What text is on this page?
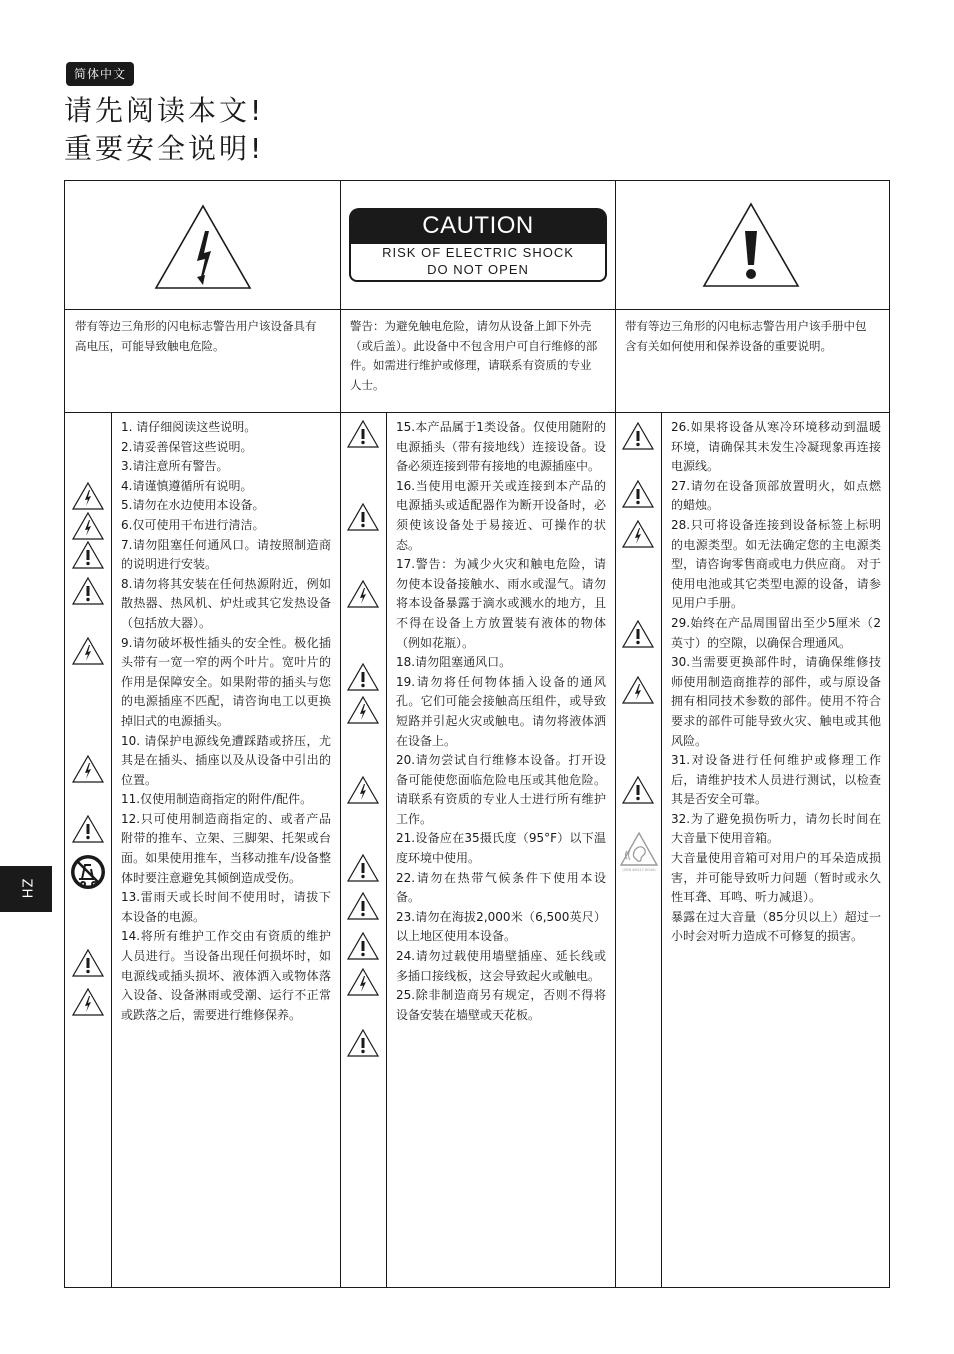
简体中文
请先阅读本文!
重要安全说明!
ZH
CAUTION
RISK OF ELECTRIC SHOCK
DO NOT OPEN
带有等边三角形的闪电标志警告用户该设备具有高电压，可能导致触电危险。
警告：为避免触电危险，请勿从设备上卸下外壳（或后盖）。此设备中不包含用户可自行维修的部件。如需进行维护或修理，请联系有资质的专业人士。
带有等边三角形的闪电标志警告用户该手册中包含有关如何使用和保养设备的重要说明。

1. 请仔细阅读这些说明。

2.请妥善保管这些说明。

3.请注意所有警告。

4.请谨慎遵循所有说明。

5.请勿在水边使用本设备。

6.仅可使用干布进行清洁。

7.请勿阻塞任何通风口。请按照制造商的说明进行安装。

8.请勿将其安装在任何热源附近，例如散热器、热风机、炉灶或其它发热设备（包括放大器）。

9.请勿破坏极性插头的安全性。极化插头带有一宽一窄的两个叶片。宽叶片的作用是保障安全。如果附带的插头与您的电源插座不匹配，请咨询电工以更换掉旧式的电源插头。

10. 请保护电源线免遭踩踏或挤压，尤其是在插头、插座以及从设备中引出的位置。

11.仅使用制造商指定的附件/配件。

12.只可使用制造商指定的、或者产品附带的推车、立架、三脚架、托架或台面。如果使用推车，当移动推车/设备整体时要注意避免其倾倒造成受伤。

13.雷雨天或长时间不使用时，请拔下本设备的电源。

14.将所有维护工作交由有资质的维护人员进行。当设备出现任何损坏时，如电源线或插头损坏、液体洒入或物体落入设备、设备淋雨或受潮、运行不正常或跌落之后，需要进行维修保养。

15.本产品属于1类设备。仅使用随附的电源插头（带有接地线）连接设备。设备必须连接到带有接地的电源插座中。

16.当使用电源开关或连接到本产品的电源插头或适配器作为断开设备时，必须使该设备处于易接近、可操作的状态。

17.警告：为减少火灾和触电危险，请勿使本设备接触水、雨水或湿气。请勿将本设备暴露于滴水或溅水的地方，且不得在设备上方放置装有液体的物体（例如花瓶）。

18.请勿阻塞通风口。

19.请勿将任何物体插入设备的通风孔。它们可能会接触高压组件，或导致短路并引起火灾或触电。请勿将液体洒在设备上。

20.请勿尝试自行维修本设备。打开设备可能使您面临危险电压或其他危险。请联系有资质的专业人士进行所有维护工作。

21.设备应在35摄氏度（95°F）以下温度环境中使用。

22.请勿在热带气候条件下使用本设备。

23.请勿在海拔2,000米（6,500英尺）以上地区使用本设备。

24.请勿过载使用墙壁插座、延长线或多插口接线板，这会导致起火或触电。

25.除非制造商另有规定，否则不得将设备安装在墙壁或天花板。

26.如果将设备从寒冷环境移动到温暖环境，请确保其未发生冷凝现象再连接电源线。

27.请勿在设备顶部放置明火，如点燃的蜡烛。

28.只可将设备连接到设备标签上标明的电源类型。如无法确定您的主电源类型，请咨询零售商或电力供应商。 对于使用电池或其它类型电源的设备，请参见用户手册。

29.始终在产品周围留出至少5厘米（2英寸）的空隙，以确保合理通风。

30.当需要更换部件时，请确保维修技师使用制造商推荐的部件，或与原设备拥有相同技术参数的部件。使用不符合要求的部件可能导致火灾、触电或其他风险。

31.对设备进行任何维护或修理工作后，请维护技术人员进行测试，以检查其是否安全可靠。

32.为了避免损伤听力，请勿长时间在大音量下使用音箱。

大音量使用音箱可对用户的耳朵造成损害，并可能导致听力问题（暂时或永久性耳聋、耳鸣、听力减退）。

暴露在过大音量（85分贝以上）超过一小时会对听力造成不可修复的损害。

(CEN 60417-6044)
